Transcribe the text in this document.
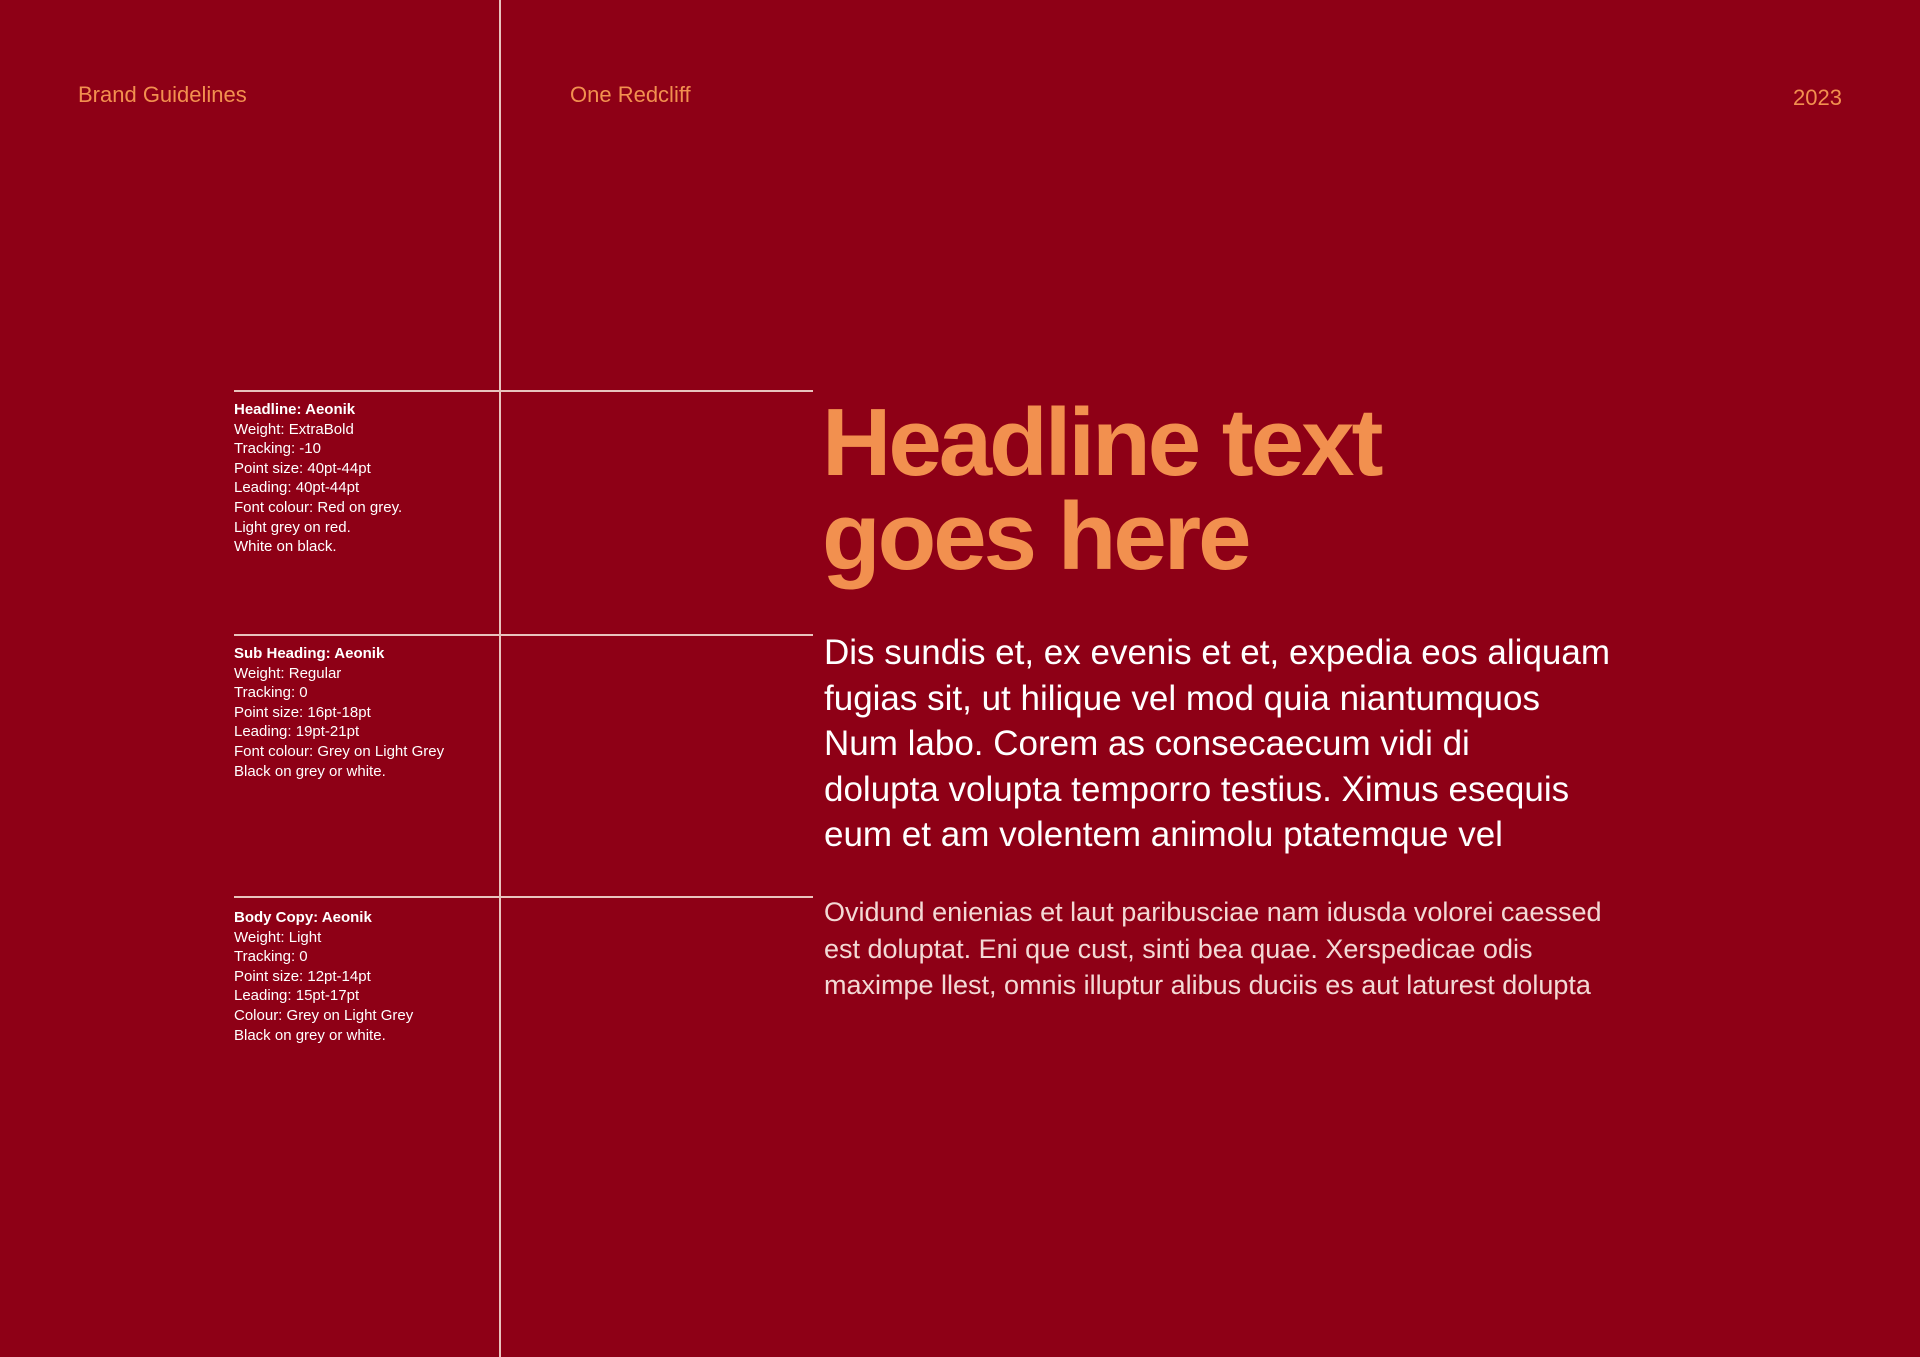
Brand Guidelines	One Redcliff	2023
Headline: Aeonik
Weight: ExtraBold
Tracking: -10
Point size: 40pt-44pt
Leading: 40pt-44pt
Font colour: Red on grey.
Light grey on red.
White on black.
Sub Heading: Aeonik
Weight: Regular
Tracking: 0
Point size: 16pt-18pt
Leading: 19pt-21pt
Font colour: Grey on Light Grey
Black on grey or white.
Body Copy: Aeonik
Weight: Light
Tracking: 0
Point size: 12pt-14pt
Leading: 15pt-17pt
Colour: Grey on Light Grey
Black on grey or white.
Headline text
goes here
Dis sundis et, ex evenis et et, expedia eos aliquam
fugias sit, ut hilique vel mod quia niantumquos
Num labo. Corem as consecaecum vidi di
dolupta volupta temporro testius. Ximus esequis
eum et am volentem animolu ptatemque vel
Ovidund enienias et laut paribusciae nam idusda volorei caessed
est doluptat. Eni que cust, sinti bea quae. Xerspedicae odis
maximpe llest, omnis illuptur alibus duciis es aut laturest dolupta
